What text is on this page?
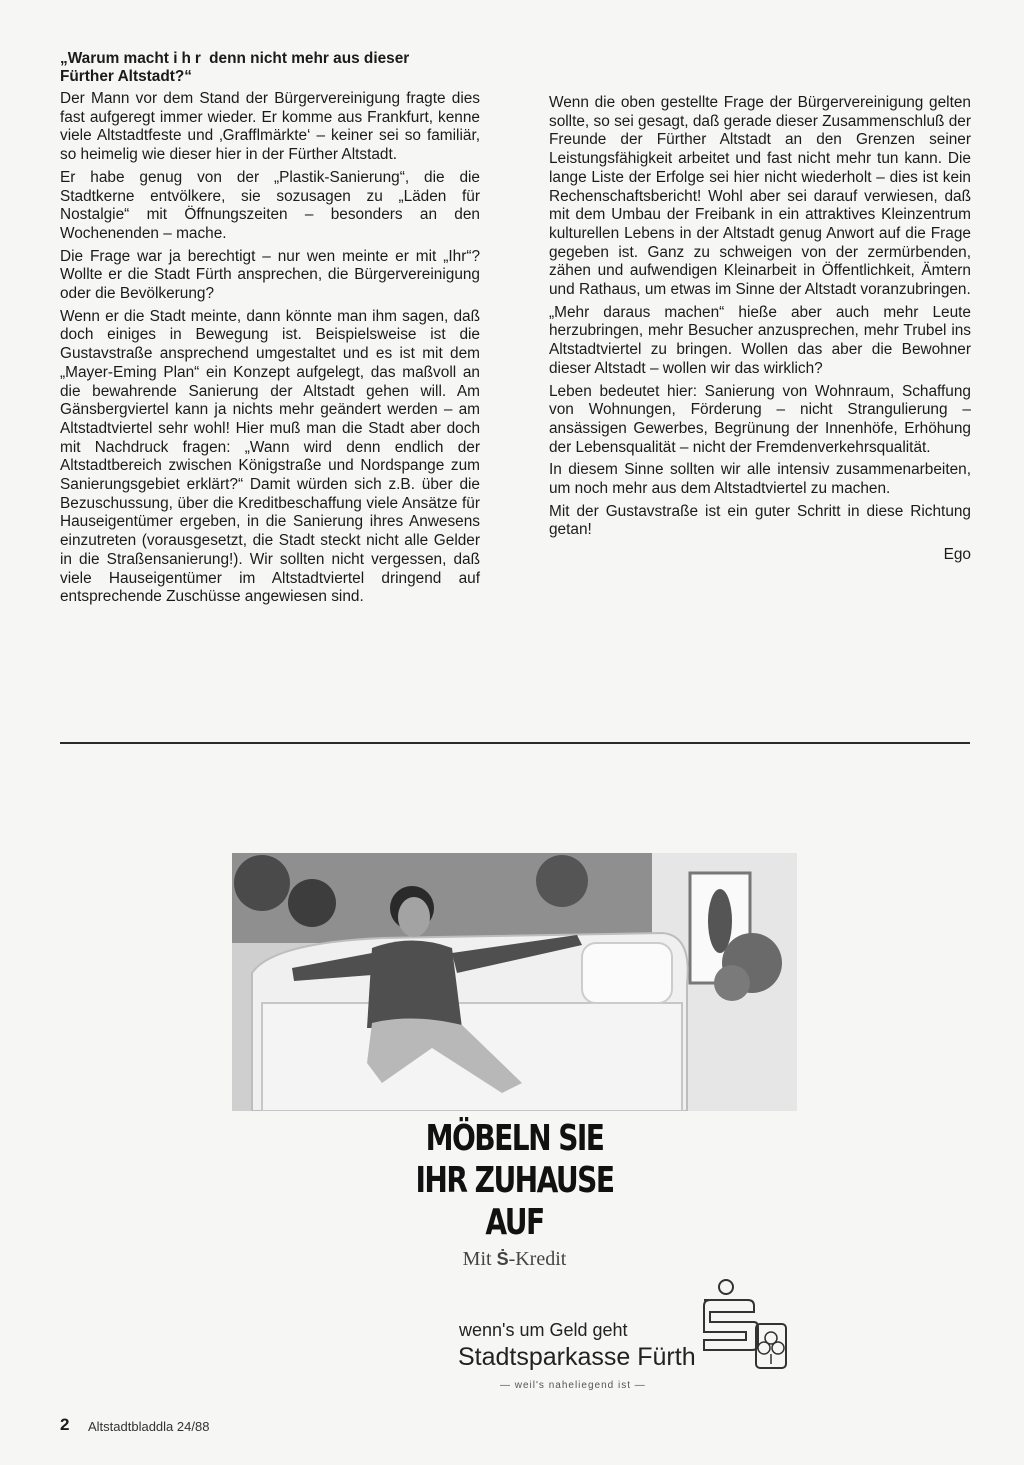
„Warum macht ihr denn nicht mehr aus dieser
Fürther Altstadt?“

Der Mann vor dem Stand der Bürgervereinigung fragte dies fast aufgeregt immer wieder. Er komme aus Frankfurt, kenne viele Altstadtfeste und ‚Grafflmärkte‘ – keiner sei so familiär, so heimelig wie dieser hier in der Fürther Altstadt.

Er habe genug von der „Plastik-Sanierung“, die die Stadtkerne entvölkere, sie sozusagen zu „Läden für Nostalgie“ mit Öffnungszeiten – besonders an den Wochenenden – mache.

Die Frage war ja berechtigt – nur wen meinte er mit „Ihr“? Wollte er die Stadt Fürth ansprechen, die Bürgervereinigung oder die Bevölkerung?

Wenn er die Stadt meinte, dann könnte man ihm sagen, daß doch einiges in Bewegung ist. Beispielsweise ist die Gustavstraße ansprechend umgestaltet und es ist mit dem „Mayer-Eming Plan“ ein Konzept aufgelegt, das maßvoll an die bewahrende Sanierung der Altstadt gehen will. Am Gänsbergviertel kann ja nichts mehr geändert werden – am Altstadtviertel sehr wohl! Hier muß man die Stadt aber doch mit Nachdruck fragen: „Wann wird denn endlich der Altstadtbereich zwischen Königstraße und Nordspange zum Sanierungsgebiet erklärt?“ Damit würden sich z.B. über die Bezuschussung, über die Kreditbeschaffung viele Ansätze für Hauseigentümer ergeben, in die Sanierung ihres Anwesens einzutreten (vorausgesetzt, die Stadt steckt nicht alle Gelder in die Straßensanierung!). Wir sollten nicht vergessen, daß viele Hauseigentümer im Altstadtviertel dringend auf entsprechende Zuschüsse angewiesen sind.

Wenn die oben gestellte Frage der Bürgervereinigung gelten sollte, so sei gesagt, daß gerade dieser Zusammenschluß der Freunde der Fürther Altstadt an den Grenzen seiner Leistungsfähigkeit arbeitet und fast nicht mehr tun kann. Die lange Liste der Erfolge sei hier nicht wiederholt – dies ist kein Rechenschaftsbericht! Wohl aber sei darauf verwiesen, daß mit dem Umbau der Freibank in ein attraktives Kleinzentrum kulturellen Lebens in der Altstadt genug Anwort auf die Frage gegeben ist. Ganz zu schweigen von der zermürbenden, zähen und aufwendigen Kleinarbeit in Öffentlichkeit, Ämtern und Rathaus, um etwas im Sinne der Altstadt voranzubringen.

„Mehr daraus machen“ hieße aber auch mehr Leute herzubringen, mehr Besucher anzusprechen, mehr Trubel ins Altstadtviertel zu bringen. Wollen das aber die Bewohner dieser Altstadt – wollen wir das wirklich?

Leben bedeutet hier: Sanierung von Wohnraum, Schaffung von Wohnungen, Förderung – nicht Strangulierung – ansässigen Gewerbes, Begrünung der Innenhöfe, Erhöhung der Lebensqualität – nicht der Fremdenverkehrsqualität.

In diesem Sinne sollten wir alle intensiv zusammenarbeiten, um noch mehr aus dem Altstadtviertel zu machen.

Mit der Gustavstraße ist ein guter Schritt in diese Richtung getan!

Ego

MÖBELN SIE
IHR ZUHAUSE
AUF
Mit Ṡ-Kredit
wenn's um Geld geht
Stadtsparkasse Fürth
— weil's naheliegend ist —
2 Altstadtbladdla 24/88
